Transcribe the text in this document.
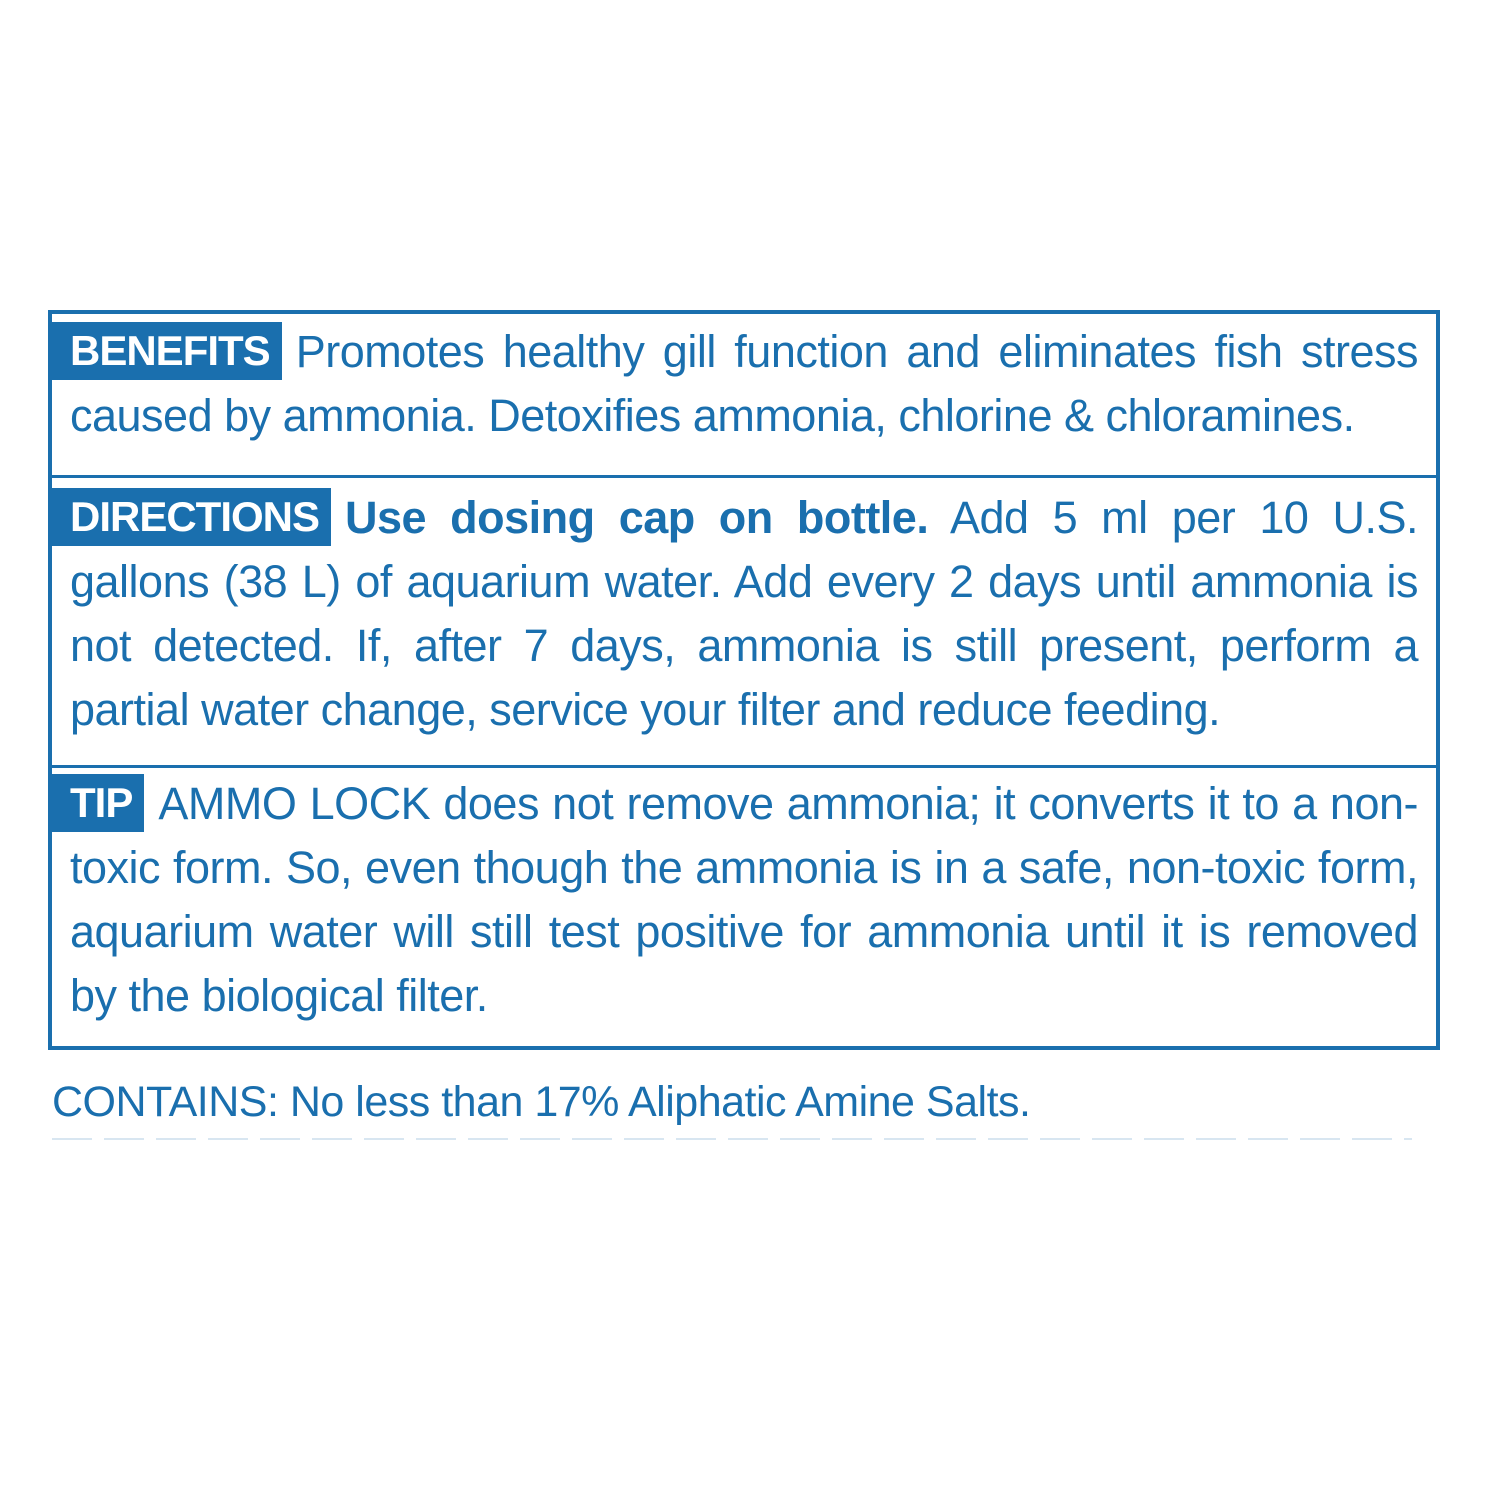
BENEFITS Promotes healthy gill function and eliminates fish stress caused by ammonia. Detoxifies ammonia, chlorine & chloramines.
DIRECTIONS Use dosing cap on bottle. Add 5 ml per 10 U.S. gallons (38 L) of aquarium water. Add every 2 days until ammonia is not detected. If, after 7 days, ammonia is still present, perform a partial water change, service your filter and reduce feeding.
TIP AMMO LOCK does not remove ammonia; it converts it to a non-toxic form. So, even though the ammonia is in a safe, non-toxic form, aquarium water will still test positive for ammonia until it is removed by the biological filter.
CONTAINS: No less than 17% Aliphatic Amine Salts.
